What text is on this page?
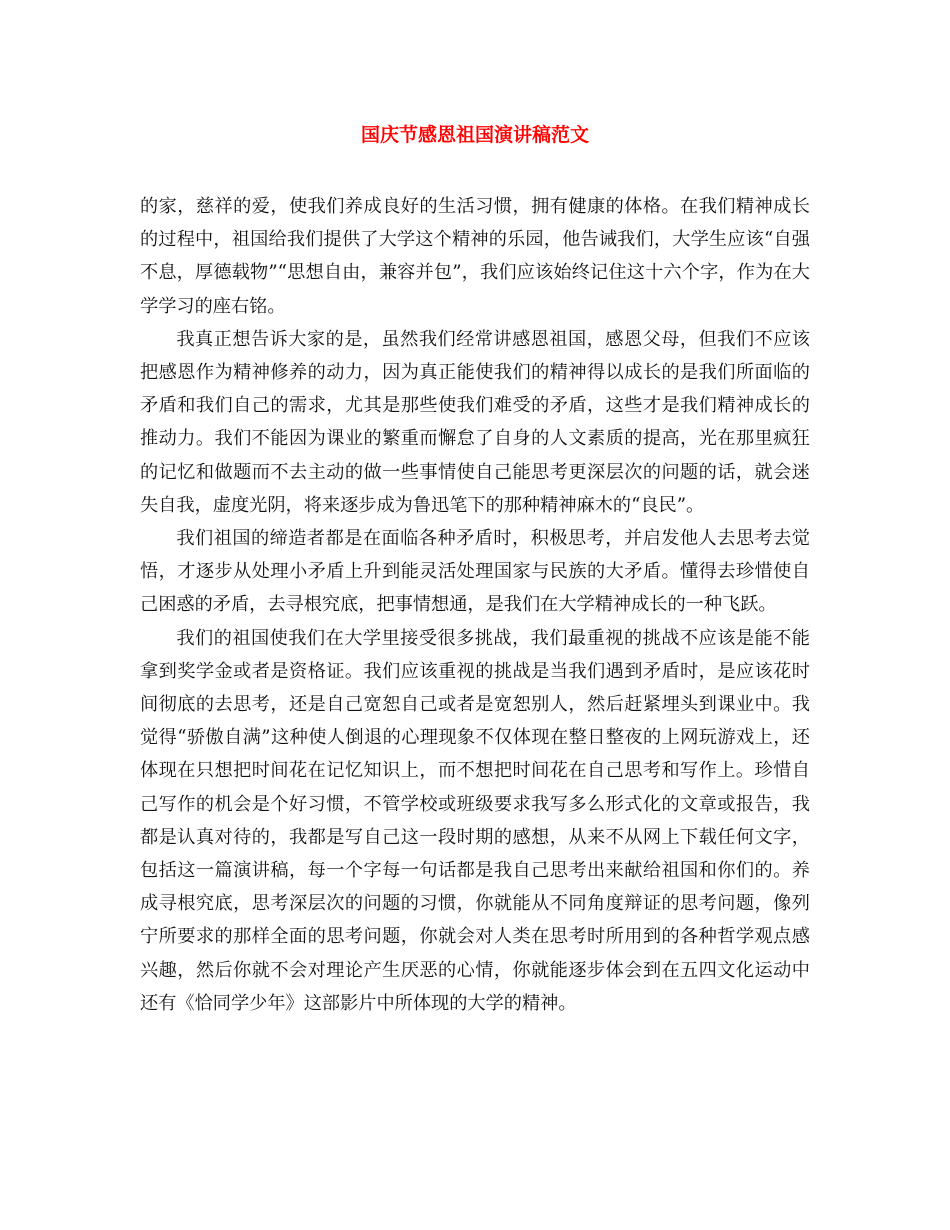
国庆节感恩祖国演讲稿范文

的家，慈祥的爱，使我们养成良好的生活习惯，拥有健康的体格。在我们精神成长的过程中，祖国给我们提供了大学这个精神的乐园，他告诫我们，大学生应该“自强不息，厚德载物”“思想自由，兼容并包”，我们应该始终记住这十六个字，作为在大学学习的座右铭。

我真正想告诉大家的是，虽然我们经常讲感恩祖国，感恩父母，但我们不应该把感恩作为精神修养的动力，因为真正能使我们的精神得以成长的是我们所面临的矛盾和我们自己的需求，尤其是那些使我们难受的矛盾，这些才是我们精神成长的推动力。我们不能因为课业的繁重而懈怠了自身的人文素质的提高，光在那里疯狂的记忆和做题而不去主动的做一些事情使自己能思考更深层次的问题的话，就会迷失自我，虚度光阴，将来逐步成为鲁迅笔下的那种精神麻木的“良民”。

我们祖国的缔造者都是在面临各种矛盾时，积极思考，并启发他人去思考去觉悟，才逐步从处理小矛盾上升到能灵活处理国家与民族的大矛盾。懂得去珍惜使自己困惑的矛盾，去寻根究底，把事情想通，是我们在大学精神成长的一种飞跃。

我们的祖国使我们在大学里接受很多挑战，我们最重视的挑战不应该是能不能拿到奖学金或者是资格证。我们应该重视的挑战是当我们遇到矛盾时，是应该花时间彻底的去思考，还是自己宽恕自己或者是宽恕别人，然后赶紧埋头到课业中。我觉得“骄傲自满”这种使人倒退的心理现象不仅体现在整日整夜的上网玩游戏上，还体现在只想把时间花在记忆知识上，而不想把时间花在自己思考和写作上。珍惜自己写作的机会是个好习惯，不管学校或班级要求我写多么形式化的文章或报告，我都是认真对待的，我都是写自己这一段时期的感想，从来不从网上下载任何文字，包括这一篇演讲稿，每一个字每一句话都是我自己思考出来献给祖国和你们的。养成寻根究底，思考深层次的问题的习惯，你就能从不同角度辩证的思考问题，像列宁所要求的那样全面的思考问题，你就会对人类在思考时所用到的各种哲学观点感兴趣，然后你就不会对理论产生厌恶的心情，你就能逐步体会到在五四文化运动中还有《恰同学少年》这部影片中所体现的大学的精神。
